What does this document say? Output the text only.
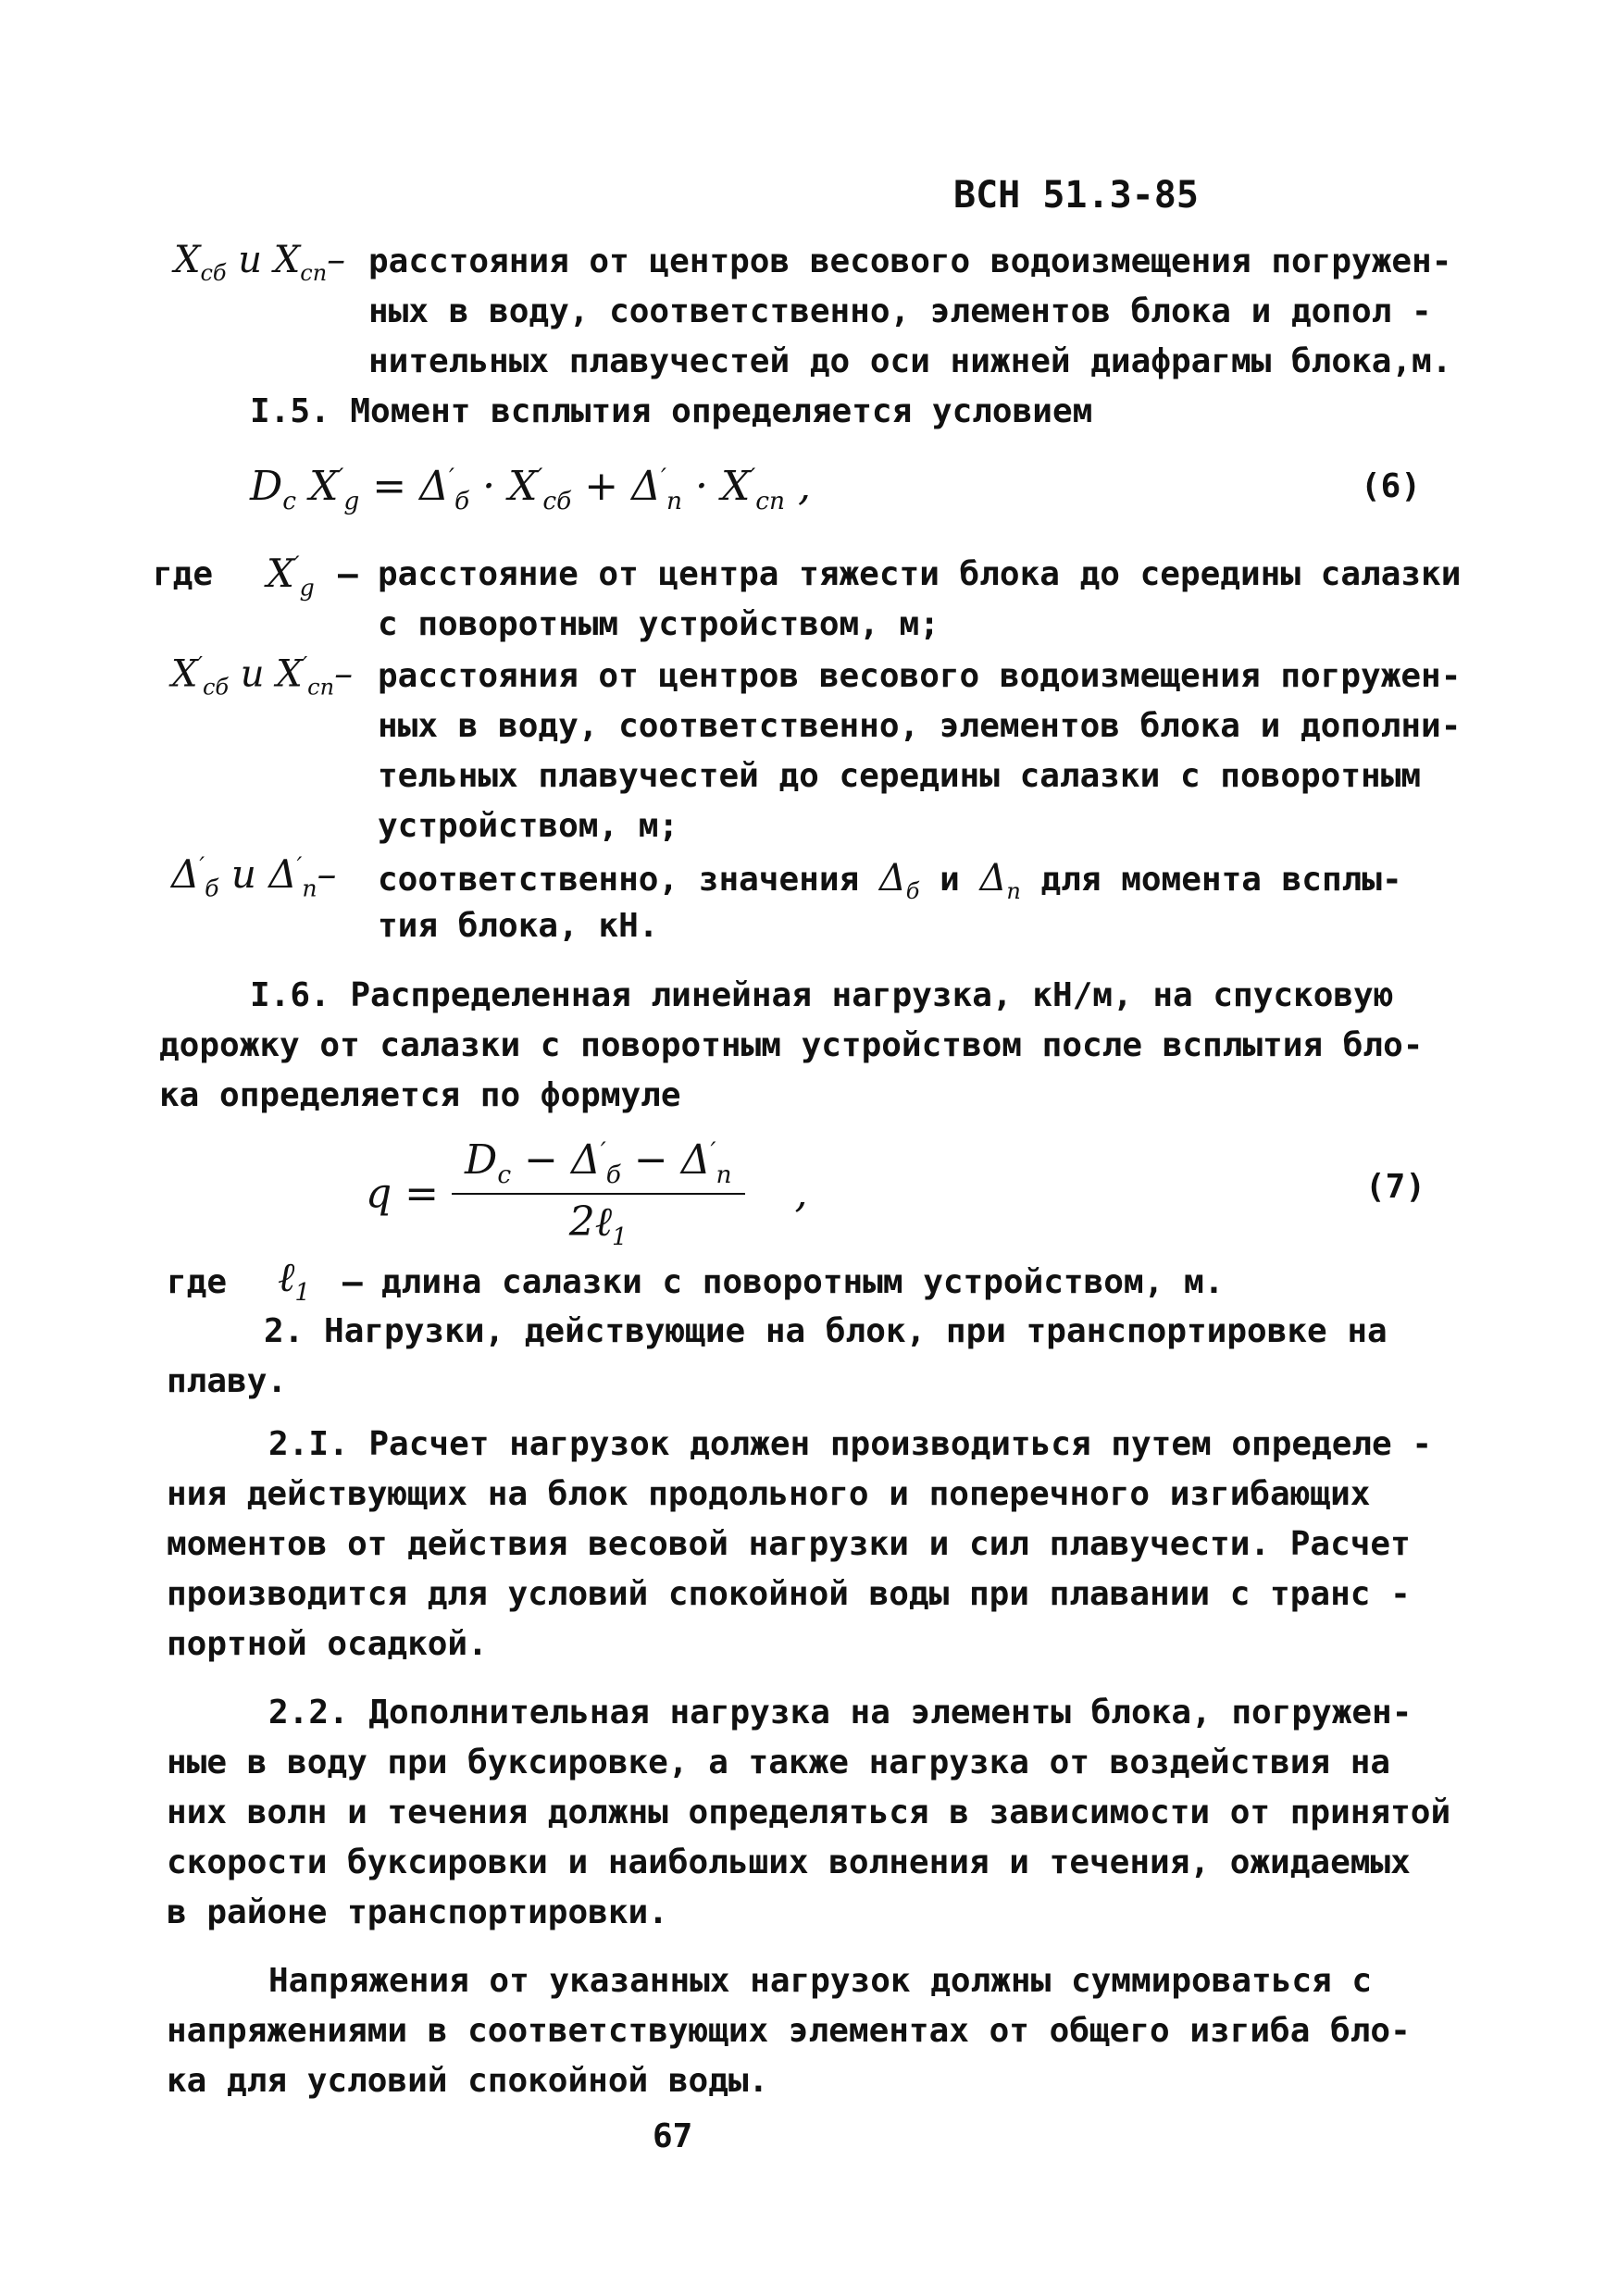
ВСН 51.3-85
$X_{cб}$ и $X_{cn}-$ расстояния от центров весового водоизмещения погружен-
ных в воду, соответственно, элементов блока и допол -
нительных плавучестей до оси нижней диафрагмы блока,м.
I.5. Момент всплытия определяется условием
$D_c$ $X'_g = \Delta'_б \cdot X'_{cб} + \Delta'_n \cdot X'_{cn}$ ,	(6)
где $X'_g$ – расстояние от центра тяжести блока до середины салазки
с поворотным устройством, м;
$X'_{cб}$ и $X'_{cn}-$ расстояния от центров весового водоизмещения погружен-
ных в воду, соответственно, элементов блока и дополни-
тельных плавучестей до середины салазки с поворотным
устройством, м;
$\Delta'_б$ и $\Delta'_n-$ соответственно, значения $\Delta_б$ и $\Delta_n$ для момента всплы-
тия блока, кН.
I.6. Распределенная линейная нагрузка, кН/м, на спусковую
дорожку от салазки с поворотным устройством после всплытия бло-
ка определяется по формуле
$q = \frac{D_c - \Delta'_б - \Delta'_n}{2\ell_1}$ ,	(7)
где ℓ$_1$ – длина салазки с поворотным устройством, м.
2. Нагрузки, действующие на блок, при транспортировке на
плаву.
2.I. Расчет нагрузок должен производиться путем определе -
ния действующих на блок продольного и поперечного изгибающих
моментов от действия весовой нагрузки и сил плавучести. Расчет
производится для условий спокойной воды при плавании с транс -
портной осадкой.
2.2. Дополнительная нагрузка на элементы блока, погружен-
ные в воду при буксировке, а также нагрузка от воздействия на
них волн и течения должны определяться в зависимости от принятой
скорости буксировки и наибольших волнения и течения, ожидаемых
в районе транспортировки.
Напряжения от указанных нагрузок должны суммироваться с
напряжениями в соответствующих элементах от общего изгиба бло-
ка для условий спокойной воды.
67
